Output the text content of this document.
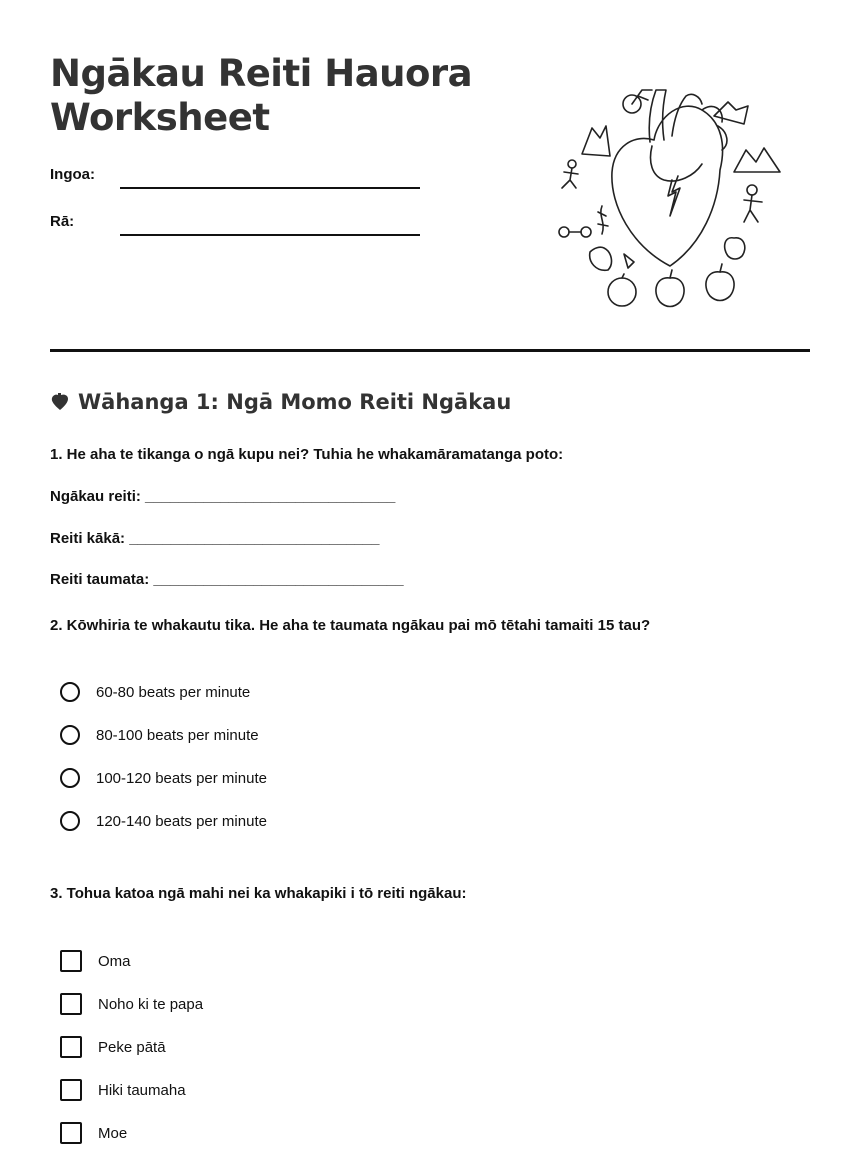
Ngākau Reiti Hauora
Worksheet
Ingoa:
Rā:
Wāhanga 1: Ngā Momo Reiti Ngākau

1. He aha te tikanga o ngā kupu nei? Tuhia he whakamāramatanga poto:

Ngākau reiti: ______________________________
Reiti kākā: ______________________________
Reiti taumata: ______________________________

2. Kōwhiria te whakautu tika. He aha te taumata ngākau pai mō tētahi tamaiti 15 tau?

60-80 beats per minute
80-100 beats per minute
100-120 beats per minute
120-140 beats per minute

3. Tohua katoa ngā mahi nei ka whakapiki i tō reiti ngākau:

Oma
Noho ki te papa
Peke pātā
Hiki taumaha
Moe
